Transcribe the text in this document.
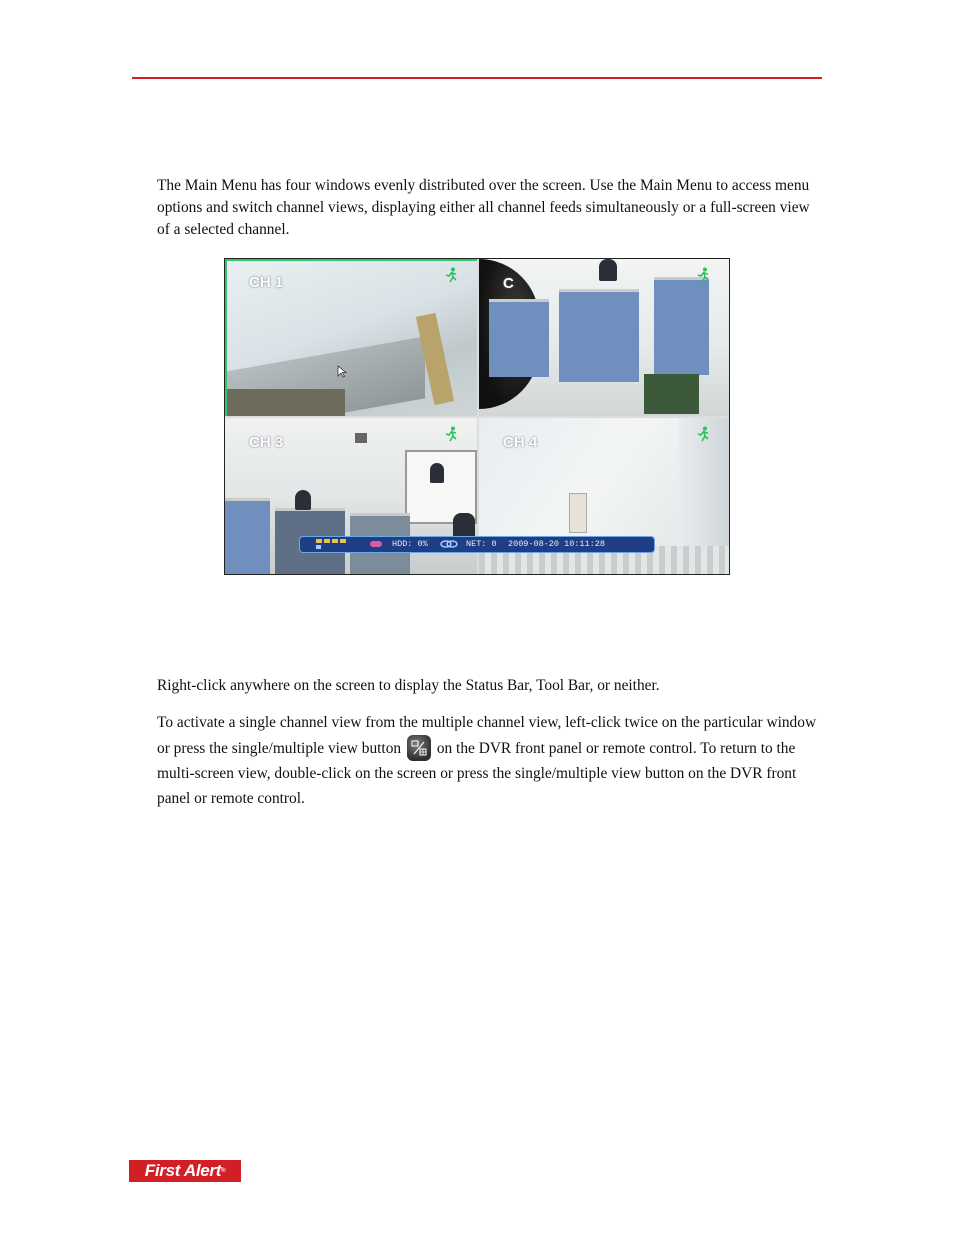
The Main Menu has four windows evenly distributed over the screen. Use the Main Menu to access menu options and switch channel views, displaying either all channel feeds simultaneously or a full-screen view of a selected channel.

CH 1	C
CH 3	CH 4
HDD: 0%	NET: 0 2009-08-20 10:11:28

Right-click anywhere on the screen to display the Status Bar, Tool Bar, or neither.

To activate a single channel view from the multiple channel view, left-click twice on the particular window or press the single/multiple view button on the DVR front panel or remote control. To return to the multi-screen view, double-click on the screen or press the single/multiple view button on the DVR front panel or remote control.

First Alert®
